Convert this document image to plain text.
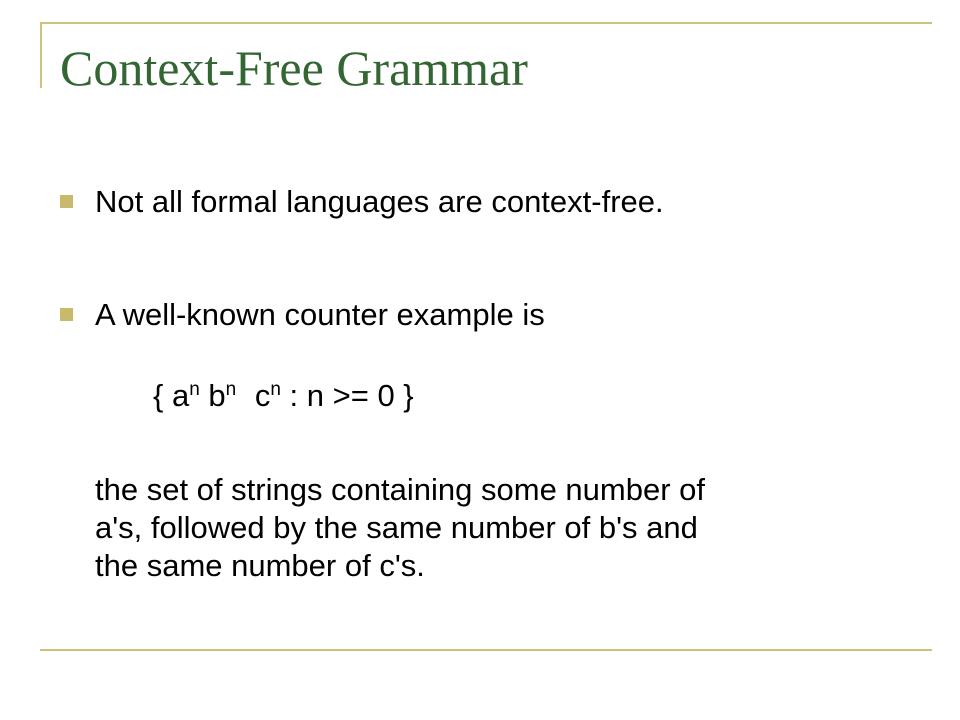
Context-Free Grammar

Not all formal languages are context-free.

A well-known counter example is

{ $a^n$ $b^n$ $c^n$ : n >= 0 }

the set of strings containing some number of
a's, followed by the same number of b's and
the same number of c's.
